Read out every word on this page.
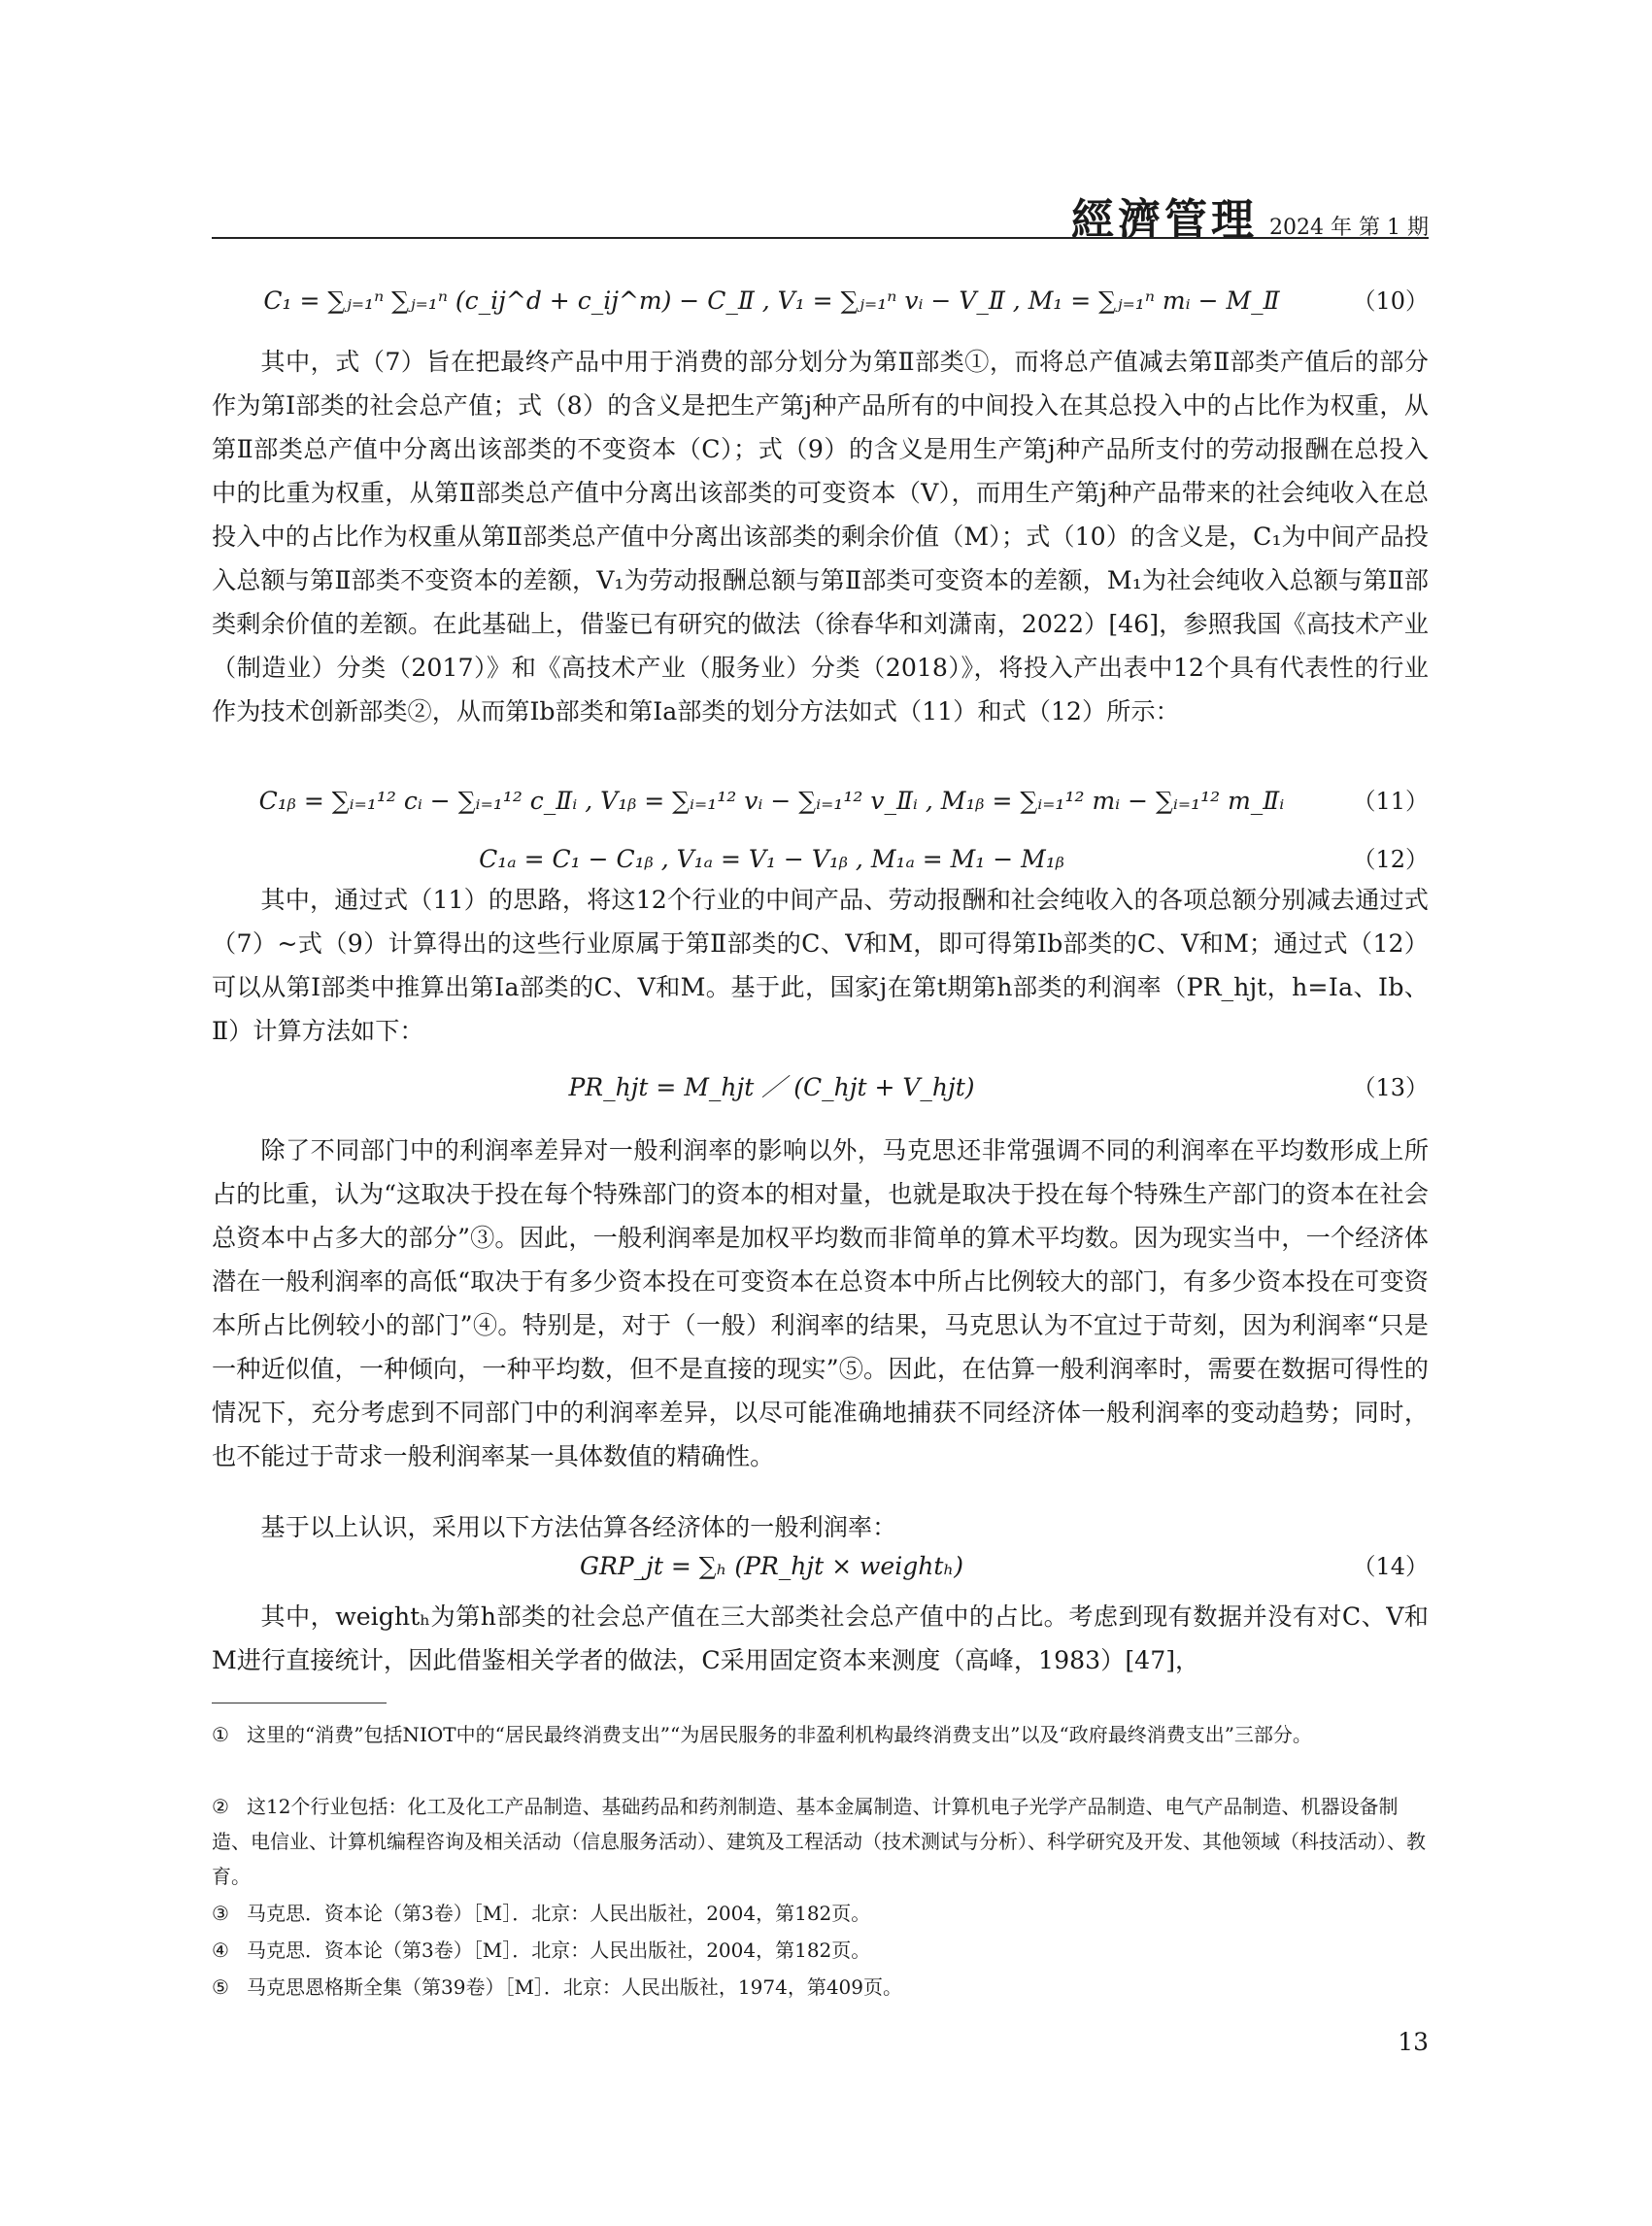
經濟管理 2024 年 第 1 期
C₁ = ∑ⱼ₌₁ⁿ ∑ⱼ₌₁ⁿ (c_ij^d + c_ij^m) − C_Ⅱ , V₁ = ∑ⱼ₌₁ⁿ vᵢ − V_Ⅱ , M₁ = ∑ⱼ₌₁ⁿ mᵢ − M_Ⅱ	（10）

其中，式（7）旨在把最终产品中用于消费的部分划分为第Ⅱ部类①，而将总产值减去第Ⅱ部类产值后的部分作为第Ⅰ部类的社会总产值；式（8）的含义是把生产第j种产品所有的中间投入在其总投入中的占比作为权重，从第Ⅱ部类总产值中分离出该部类的不变资本（C）；式（9）的含义是用生产第j种产品所支付的劳动报酬在总投入中的比重为权重，从第Ⅱ部类总产值中分离出该部类的可变资本（V），而用生产第j种产品带来的社会纯收入在总投入中的占比作为权重从第Ⅱ部类总产值中分离出该部类的剩余价值（M）；式（10）的含义是，C₁为中间产品投入总额与第Ⅱ部类不变资本的差额，V₁为劳动报酬总额与第Ⅱ部类可变资本的差额，M₁为社会纯收入总额与第Ⅱ部类剩余价值的差额。在此基础上，借鉴已有研究的做法（徐春华和刘潇南，2022）[46]，参照我国《高技术产业（制造业）分类（2017）》和《高技术产业（服务业）分类（2018）》，将投入产出表中12个具有代表性的行业作为技术创新部类②，从而第Ⅰb部类和第Ⅰa部类的划分方法如式（11）和式（12）所示：

C₁ᵦ = ∑ᵢ₌₁¹² cᵢ − ∑ᵢ₌₁¹² c_Ⅱᵢ , V₁ᵦ = ∑ᵢ₌₁¹² vᵢ − ∑ᵢ₌₁¹² v_Ⅱᵢ , M₁ᵦ = ∑ᵢ₌₁¹² mᵢ − ∑ᵢ₌₁¹² m_Ⅱᵢ	（11）
C₁ₐ = C₁ − C₁ᵦ , V₁ₐ = V₁ − V₁ᵦ , M₁ₐ = M₁ − M₁ᵦ	（12）

其中，通过式（11）的思路，将这12个行业的中间产品、劳动报酬和社会纯收入的各项总额分别减去通过式（7）~式（9）计算得出的这些行业原属于第Ⅱ部类的C、V和M，即可得第Ⅰb部类的C、V和M；通过式（12）可以从第Ⅰ部类中推算出第Ⅰa部类的C、V和M。基于此，国家j在第t期第h部类的利润率（PR_hjt，h=Ⅰa、Ⅰb、Ⅱ）计算方法如下：

PR_hjt = M_hjt ／ (C_hjt + V_hjt)	（13）

除了不同部门中的利润率差异对一般利润率的影响以外，马克思还非常强调不同的利润率在平均数形成上所占的比重，认为“这取决于投在每个特殊部门的资本的相对量，也就是取决于投在每个特殊生产部门的资本在社会总资本中占多大的部分”③。因此，一般利润率是加权平均数而非简单的算术平均数。因为现实当中，一个经济体潜在一般利润率的高低“取决于有多少资本投在可变资本在总资本中所占比例较大的部门，有多少资本投在可变资本所占比例较小的部门”④。特别是，对于（一般）利润率的结果，马克思认为不宜过于苛刻，因为利润率“只是一种近似值，一种倾向，一种平均数，但不是直接的现实”⑤。因此，在估算一般利润率时，需要在数据可得性的情况下，充分考虑到不同部门中的利润率差异，以尽可能准确地捕获不同经济体一般利润率的变动趋势；同时，也不能过于苛求一般利润率某一具体数值的精确性。

基于以上认识，采用以下方法估算各经济体的一般利润率：

GRP_jt = ∑ₕ (PR_hjt × weightₕ)	（14）

其中，weightₕ为第h部类的社会总产值在三大部类社会总产值中的占比。考虑到现有数据并没有对C、V和M进行直接统计，因此借鉴相关学者的做法，C采用固定资本来测度（高峰，1983）[47]，

① 这里的“消费”包括NIOT中的“居民最终消费支出”“为居民服务的非盈利机构最终消费支出”以及“政府最终消费支出”三部分。

② 这12个行业包括：化工及化工产品制造、基础药品和药剂制造、基本金属制造、计算机电子光学产品制造、电气产品制造、机器设备制造、电信业、计算机编程咨询及相关活动（信息服务活动）、建筑及工程活动（技术测试与分析）、科学研究及开发、其他领域（科技活动）、教育。

③ 马克思．资本论（第3卷）［M］．北京：人民出版社，2004，第182页。

④ 马克思．资本论（第3卷）［M］．北京：人民出版社，2004，第182页。

⑤ 马克思恩格斯全集（第39卷）［M］．北京：人民出版社，1974，第409页。

13
